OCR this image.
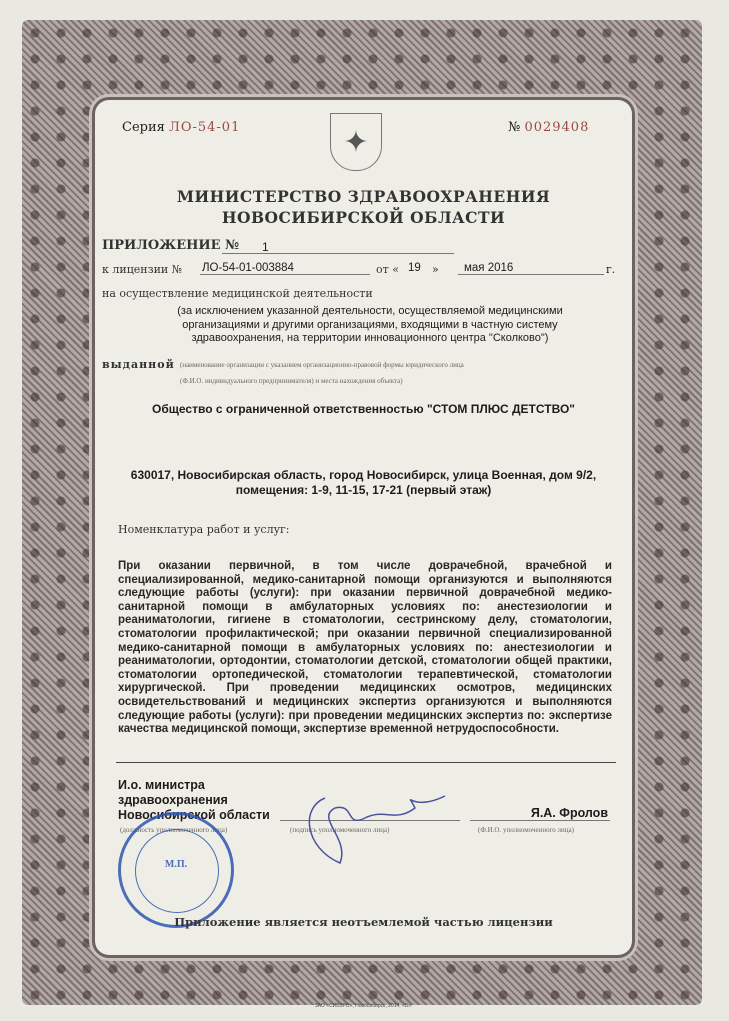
Серия ЛО-54-01	✦	№ 0029408
МИНИСТЕРСТВО ЗДРАВООХРАНЕНИЯ
НОВОСИБИРСКОЙ ОБЛАСТИ
ПРИЛОЖЕНИЕ №	1
к лицензии № ЛО-54-01-003884	от « 19 »	мая 2016	г.
на осуществление медицинской деятельности
(за исключением указанной деятельности, осуществляемой медицинскими организациями и другими организациями, входящими в частную систему здравоохранения, на территории инновационного центра "Сколково")
выданной (наименование организации с указанием организационно-правовой формы юридического лица
(Ф.И.О. индивидуального предпринимателя) и места нахождения объекта)
Общество с ограниченной ответственностью "СТОМ ПЛЮС ДЕТСТВО"
630017, Новосибирская область, город Новосибирск, улица Военная, дом 9/2,
помещения: 1-9, 11-15, 17-21 (первый этаж)
Номенклатура работ и услуг:

При оказании первичной, в том числе доврачебной, врачебной и специализированной, медико-санитарной помощи организуются и выполняются следующие работы (услуги): при оказании первичной доврачебной медико-санитарной помощи в амбулаторных условиях по: анестезиологии и реаниматологии, гигиене в стоматологии, сестринскому делу, стоматологии, стоматологии профилактической; при оказании первичной специализированной медико-санитарной помощи в амбулаторных условиях по: анестезиологии и реаниматологии, ортодонтии, стоматологии детской, стоматологии общей практики, стоматологии ортопедической, стоматологии терапевтической, стоматологии хирургической. При проведении медицинских осмотров, медицинских освидетельствований и медицинских экспертиз организуются и выполняются следующие работы (услуги): при проведении медицинских экспертиз по: экспертизе качества медицинской помощи, экспертизе временной нетрудоспособности.

И.о. министра
здравоохранения
Новосибирской области
(должность уполномоченного лица)	(подпись уполномоченного лица)
Я.А. Фролов
(Ф.И.О. уполномоченного лица)
М.П.
Приложение является неотъемлемой частью лицензии
ЗАО «СИБЗРО», Новосибирск, 2014, «Б».
